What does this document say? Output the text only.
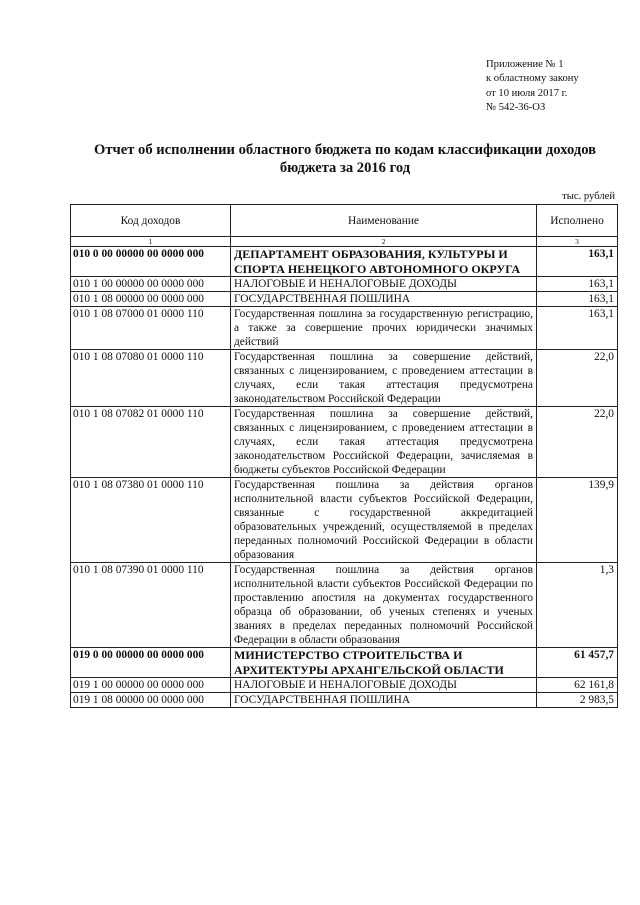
Приложение № 1
к областному закону
от 10 июля 2017 г.
№ 542-36-ОЗ
Отчет об исполнении областного бюджета по кодам классификации доходов
бюджета за 2016 год
тыс. рублей
Код доходов	Наименование	Исполнено
1	2	3
010 0 00 00000 00 0000 000	ДЕПАРТАМЕНТ ОБРАЗОВАНИЯ, КУЛЬТУРЫ И СПОРТА НЕНЕЦКОГО АВТОНОМНОГО ОКРУГА	163,1
010 1 00 00000 00 0000 000	НАЛОГОВЫЕ И НЕНАЛОГОВЫЕ ДОХОДЫ	163,1
010 1 08 00000 00 0000 000	ГОСУДАРСТВЕННАЯ ПОШЛИНА	163,1
010 1 08 07000 01 0000 110	Государственная пошлина за государственную регистрацию, а также за совершение прочих юридически значимых действий	163,1
010 1 08 07080 01 0000 110	Государственная пошлина за совершение действий, связанных с лицензированием, с проведением аттестации в случаях, если такая аттестация предусмотрена законодательством Российской Федерации	22,0
010 1 08 07082 01 0000 110	Государственная пошлина за совершение действий, связанных с лицензированием, с проведением аттестации в случаях, если такая аттестация предусмотрена законодательством Российской Федерации, зачисляемая в бюджеты субъектов Российской Федерации	22,0
010 1 08 07380 01 0000 110	Государственная пошлина за действия органов исполнительной власти субъектов Российской Федерации, связанные с государственной аккредитацией образовательных учреждений, осуществляемой в пределах переданных полномочий Российской Федерации в области образования	139,9
010 1 08 07390 01 0000 110	Государственная пошлина за действия органов исполнительной власти субъектов Российской Федерации по проставлению апостиля на документах государственного образца об образовании, об ученых степенях и ученых званиях в пределах переданных полномочий Российской Федерации в области образования	1,3
019 0 00 00000 00 0000 000	МИНИСТЕРСТВО СТРОИТЕЛЬСТВА И АРХИТЕКТУРЫ АРХАНГЕЛЬСКОЙ ОБЛАСТИ	61 457,7
019 1 00 00000 00 0000 000	НАЛОГОВЫЕ И НЕНАЛОГОВЫЕ ДОХОДЫ	62 161,8
019 1 08 00000 00 0000 000	ГОСУДАРСТВЕННАЯ ПОШЛИНА	2 983,5
